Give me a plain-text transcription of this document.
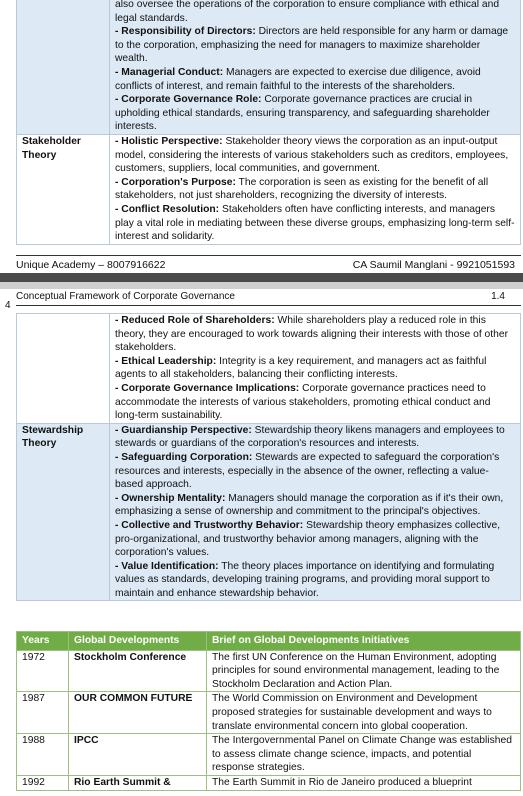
	also oversee the operations of the corporation to ensure compliance with ethical and legal standards.
- Responsibility of Directors: Directors are held responsible for any harm or damage to the corporation, emphasizing the need for managers to maximize shareholder wealth.
- Managerial Conduct: Managers are expected to exercise due diligence, avoid conflicts of interest, and remain faithful to the interests of the shareholders.
- Corporate Governance Role: Corporate governance practices are crucial in upholding ethical standards, ensuring transparency, and safeguarding shareholder interests.

Stakeholder Theory	- Holistic Perspective: Stakeholder theory views the corporation as an input-output model, considering the interests of various stakeholders such as creditors, employees, customers, suppliers, local communities, and government.
- Corporation's Purpose: The corporation is seen as existing for the benefit of all stakeholders, not just shareholders, recognizing the diversity of interests.
- Conflict Resolution: Stakeholders often have conflicting interests, and managers play a vital role in mediating between these diverse groups, emphasizing long-term self-interest and solidarity.
Unique Academy – 8007916622	CA Saumil Manglani - 9921051593
4
Conceptual Framework of Corporate Governance	1.4

	- Reduced Role of Shareholders: While shareholders play a reduced role in this theory, they are encouraged to work towards aligning their interests with those of other stakeholders.
- Ethical Leadership: Integrity is a key requirement, and managers act as faithful agents to all stakeholders, balancing their conflicting interests.
- Corporate Governance Implications: Corporate governance practices need to accommodate the interests of various stakeholders, promoting ethical conduct and long-term sustainability.

Stewardship Theory	- Guardianship Perspective: Stewardship theory likens managers and employees to stewards or guardians of the corporation's resources and interests.
- Safeguarding Corporation: Stewards are expected to safeguard the corporation's resources and interests, especially in the absence of the owner, reflecting a value-based approach.
- Ownership Mentality: Managers should manage the corporation as if it's their own, emphasizing a sense of ownership and commitment to the principal's objectives.
- Collective and Trustworthy Behavior: Stewardship theory emphasizes collective, pro-organizational, and trustworthy behavior among managers, aligning with the corporation's values.
- Value Identification: The theory places importance on identifying and formulating values as standards, developing training programs, and providing moral support to maintain and enhance stewardship behavior.
Years	Global Developments	Brief on Global Developments Initiatives
1972	Stockholm Conference	The first UN Conference on the Human Environment, adopting principles for sound environmental management, leading to the Stockholm Declaration and Action Plan.
1987	OUR COMMON FUTURE	The World Commission on Environment and Development proposed strategies for sustainable development and ways to translate environmental concern into global cooperation.
1988	IPCC	The Intergovernmental Panel on Climate Change was established to assess climate change science, impacts, and potential response strategies.
1992	Rio Earth Summit &	The Earth Summit in Rio de Janeiro produced a blueprint
